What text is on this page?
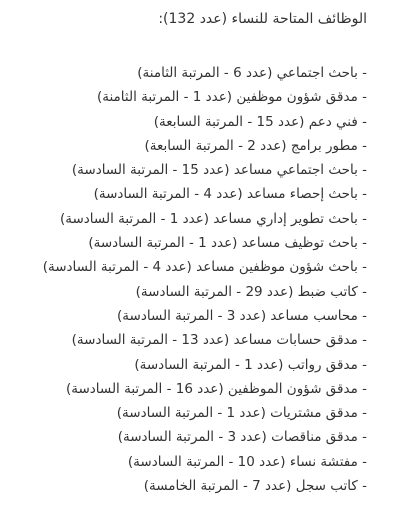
الوظائف المتاحة للنساء (عدد 132):
- باحث اجتماعي (عدد 6 - المرتبة الثامنة)
- مدقق شؤون موظفين (عدد 1 - المرتبة الثامنة)
- فني دعم (عدد 15 - المرتبة السابعة)
- مطور برامج (عدد 2 - المرتبة السابعة)
- باحث اجتماعي مساعد (عدد 15 - المرتبة السادسة)
- باحث إحصاء مساعد (عدد 4 - المرتبة السادسة)
- باحث تطوير إداري مساعد (عدد 1 - المرتبة السادسة)
- باحث توظيف مساعد (عدد 1 - المرتبة السادسة)
- باحث شؤون موظفين مساعد (عدد 4 - المرتبة السادسة)
- كاتب ضبط (عدد 29 - المرتبة السادسة)
- محاسب مساعد (عدد 3 - المرتبة السادسة)
- مدقق حسابات مساعد (عدد 13 - المرتبة السادسة)
- مدقق رواتب (عدد 1 - المرتبة السادسة)
- مدقق شؤون الموظفين (عدد 16 - المرتبة السادسة)
- مدقق مشتريات (عدد 1 - المرتبة السادسة)
- مدقق مناقصات (عدد 3 - المرتبة السادسة)
- مفتشة نساء (عدد 10 - المرتبة السادسة)
- كاتب سجل (عدد 7 - المرتبة الخامسة)
